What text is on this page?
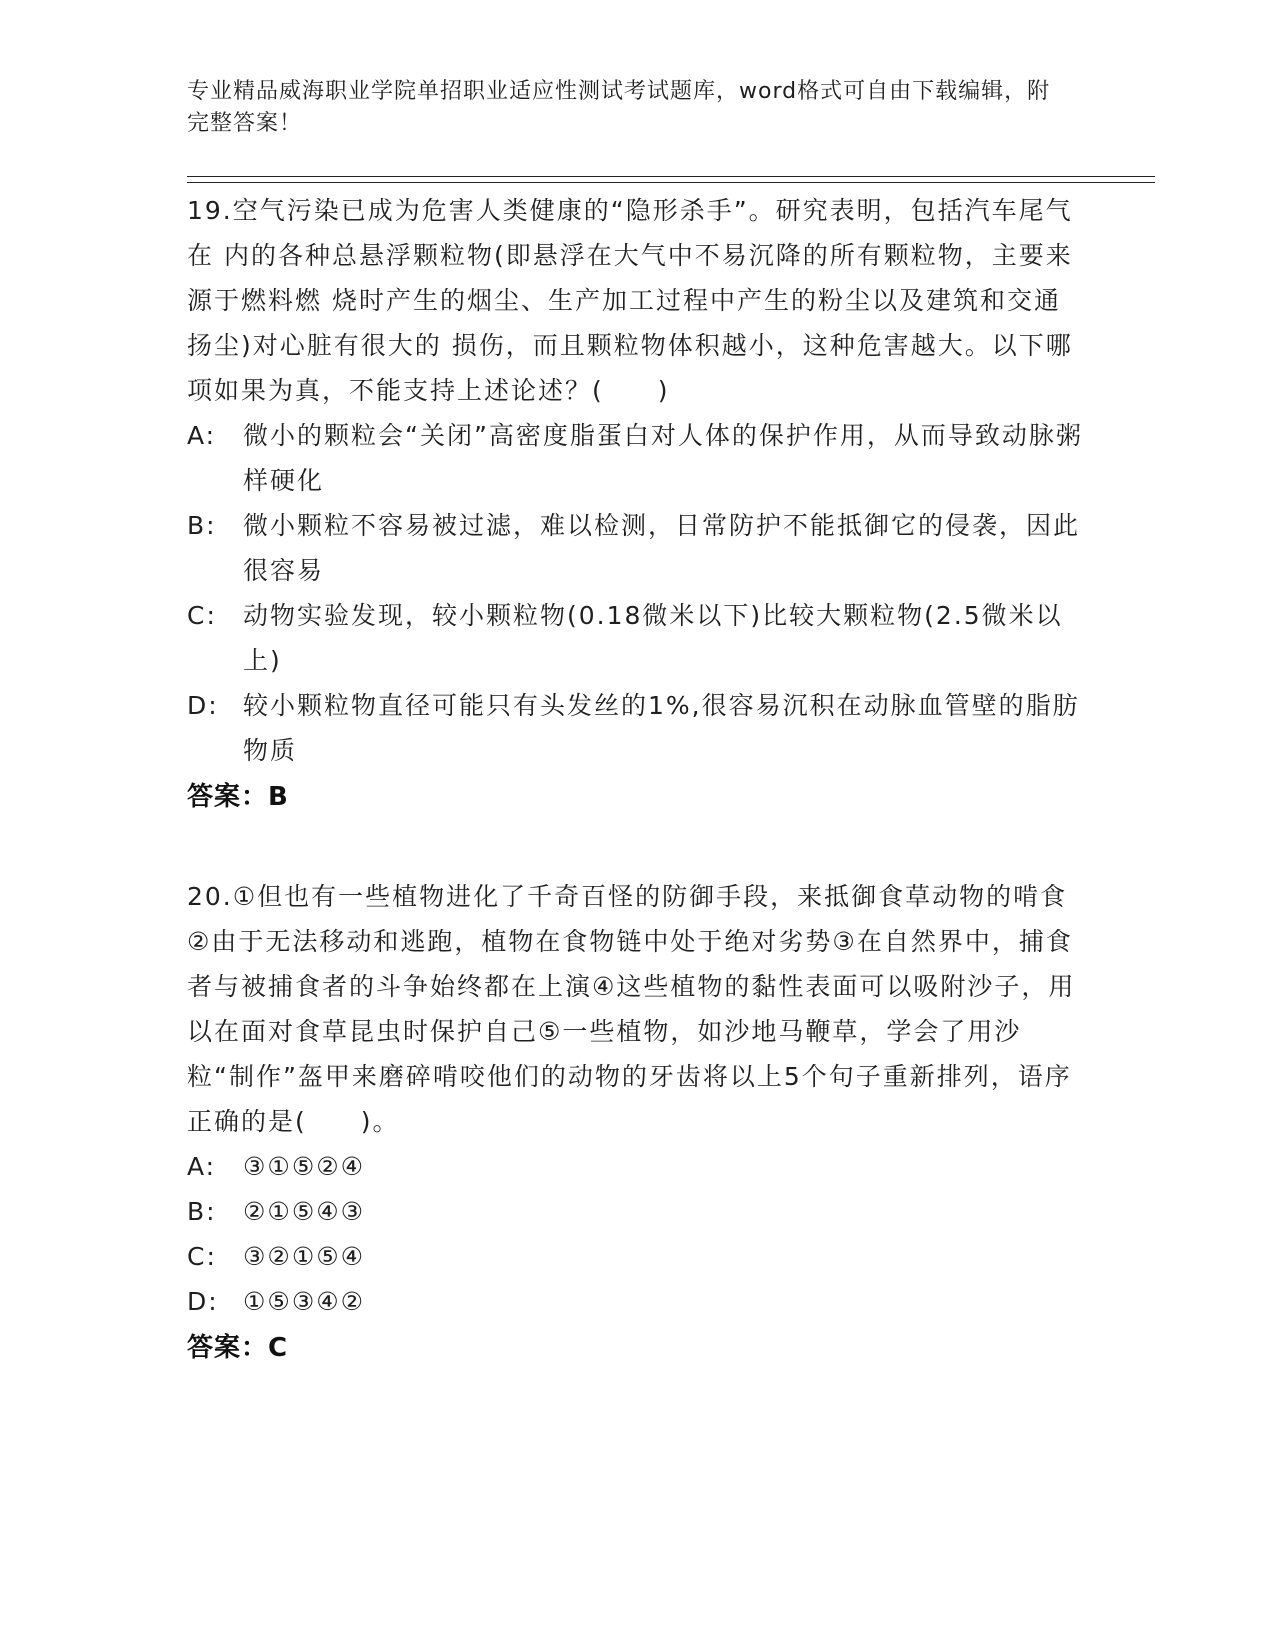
专业精品威海职业学院单招职业适应性测试考试题库，word格式可自由下载编辑，附完整答案！
19.空气污染已成为危害人类健康的“隐形杀手”。研究表明，包括汽车尾气在 内的各种总悬浮颗粒物(即悬浮在大气中不易沉降的所有颗粒物，主要来源于燃料燃 烧时产生的烟尘、生产加工过程中产生的粉尘以及建筑和交通扬尘)对心脏有很大的 损伤，而且颗粒物体积越小，这种危害越大。以下哪项如果为真，不能支持上述论述？(　　)
A:	微小的颗粒会“关闭”高密度脂蛋白对人体的保护作用，从而导致动脉粥样硬化
B:	微小颗粒不容易被过滤，难以检测，日常防护不能抵御它的侵袭，因此很容易
C:	动物实验发现，较小颗粒物(0.18微米以下)比较大颗粒物(2.5微米以上)
D: 较小颗粒物直径可能只有头发丝的1%,很容易沉积在动脉血管壁的脂肪物质
答案：B
20.①但也有一些植物进化了千奇百怪的防御手段，来抵御食草动物的啃食②由于无法移动和逃跑，植物在食物链中处于绝对劣势③在自然界中，捕食者与被捕食者的斗争始终都在上演④这些植物的黏性表面可以吸附沙子，用以在面对食草昆虫时保护自己⑤一些植物，如沙地马鞭草，学会了用沙粒“制作”盔甲来磨碎啃咬他们的动物的牙齿将以上5个句子重新排列，语序正确的是(　　)。
A:	③①⑤②④
B:	②①⑤④③
C:	③②①⑤④
D: ①⑤③④②
答案：C
